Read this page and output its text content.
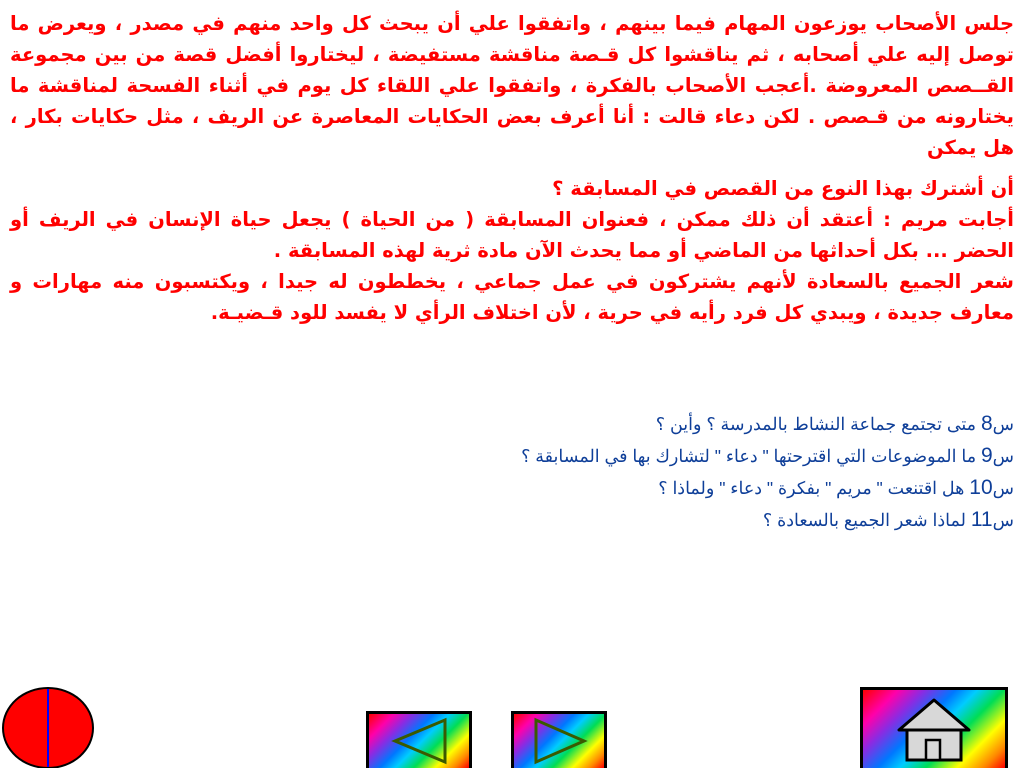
جلس الأصحاب يوزعون المهام فيما بينهم ، واتفقوا علي أن يبحث كل واحد منهم في مصدر ، ويعرض ما توصل إليه علي أصحابه ، ثم يناقشوا كل قـصة مناقشة مستفيضة ، ليختاروا أفضل قصة من بين مجموعة القــصص المعروضة .أعجب الأصحاب بالفكرة ، واتفقوا علي اللقاء كل يوم في أثناء الفسحة لمناقشة ما يختارونه من قـصص . لكن دعاء قالت : أنا أعرف بعض الحكايات المعاصرة عن الريف ، مثل حكايات بكار ، هل يمكن

أن أشترك بهذا النوع من القصص في المسابقة ؟

أجابت مريم : أعتقد أن ذلك ممكن ، فعنوان المسابقة ( من الحياة ) يجعل حياة الإنسان في الريف أو الحضر ... بكل أحداثها من الماضي أو مما يحدث الآن مادة ثرية لهذه المسابقة .

شعر الجميع بالسعادة لأنهم يشتركون في عمل جماعي ، يخططون له جيدا ، ويكتسبون منه مهارات و معارف جديدة ، ويبدي كل فرد رأيه في حرية ، لأن اختلاف الرأي لا يفسد للود قـضيـة.

س8 متى تجتمع جماعة النشاط بالمدرسة ؟ وأين ؟

س9 ما الموضوعات التي اقترحتها " دعاء " لتشارك بها في المسابقة ؟

س10 هل اقتنعت " مريم " بفكرة " دعاء " ولماذا ؟

س11 لماذا شعر الجميع بالسعادة ؟
